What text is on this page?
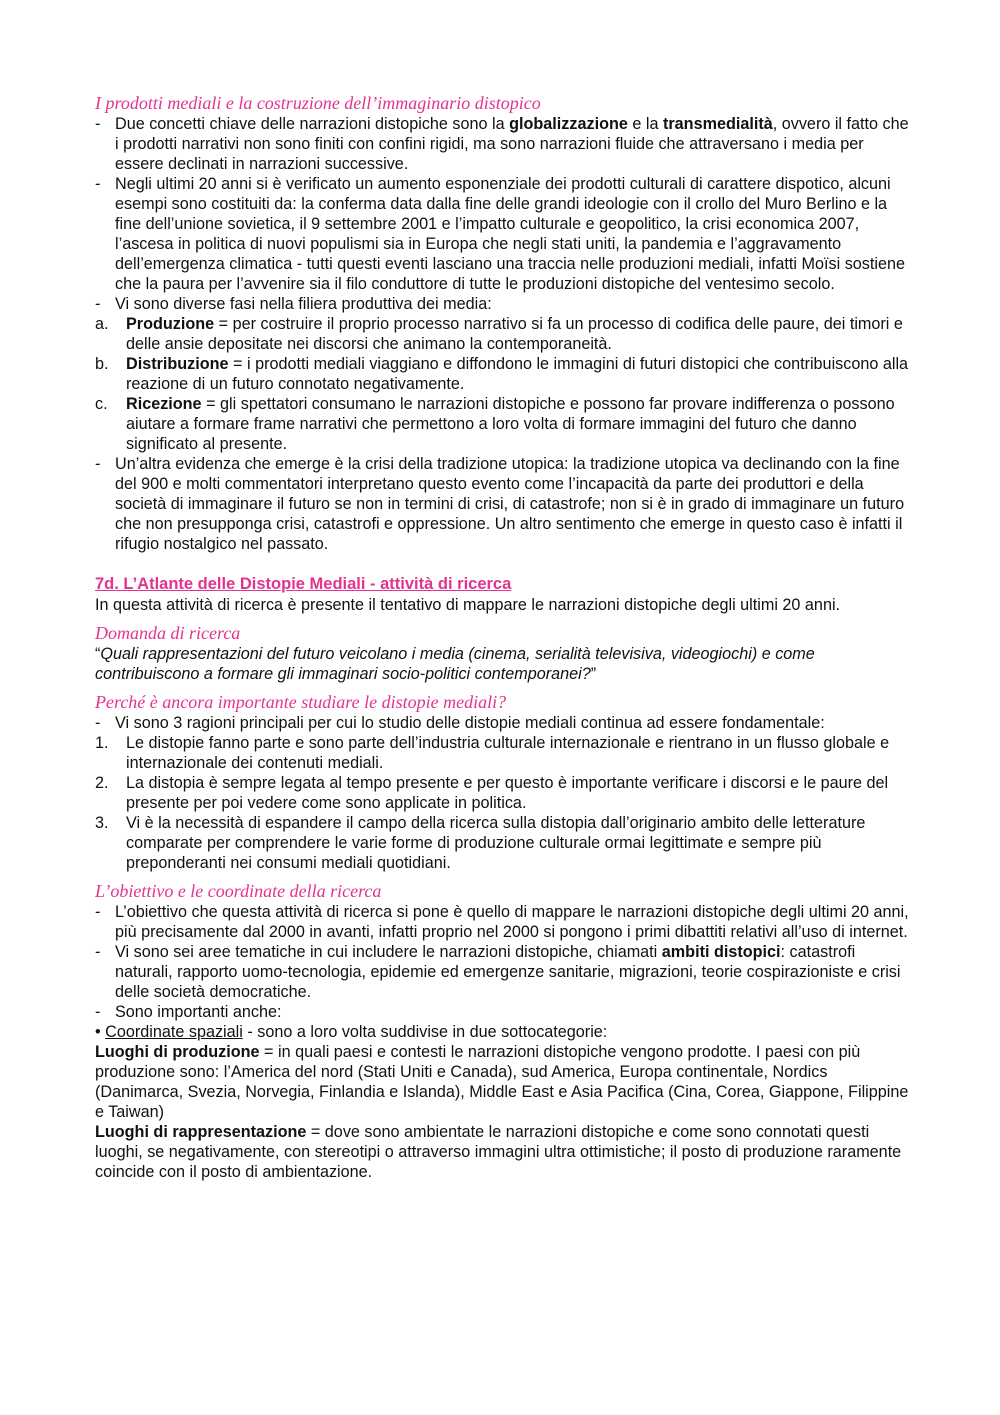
I prodotti mediali e la costruzione dell’immaginario distopico

- Due concetti chiave delle narrazioni distopiche sono la globalizzazione e la transmedialità, ovvero il fatto che i prodotti narrativi non sono finiti con confini rigidi, ma sono narrazioni fluide che attraversano i media per essere declinati in narrazioni successive.
- Negli ultimi 20 anni si è verificato un aumento esponenziale dei prodotti culturali di carattere dispotico, alcuni esempi sono costituiti da: la conferma data dalla fine delle grandi ideologie con il crollo del Muro Berlino e la fine dell’unione sovietica, il 9 settembre 2001 e l’impatto culturale e geopolitico, la crisi economica 2007, l’ascesa in politica di nuovi populismi sia in Europa che negli stati uniti, la pandemia e l’aggravamento dell’emergenza climatica - tutti questi eventi lasciano una traccia nelle produzioni mediali, infatti Moïsi sostiene che la paura per l’avvenire sia il filo conduttore di tutte le produzioni distopiche del ventesimo secolo.
- Vi sono diverse fasi nella filiera produttiva dei media:
a. Produzione = per costruire il proprio processo narrativo si fa un processo di codifica delle paure, dei timori e delle ansie depositate nei discorsi che animano la contemporaneità.
b. Distribuzione = i prodotti mediali viaggiano e diffondono le immagini di futuri distopici che contribuiscono alla reazione di un futuro connotato negativamente.
c. Ricezione = gli spettatori consumano le narrazioni distopiche e possono far provare indifferenza o possono aiutare a formare frame narrativi che permettono a loro volta di formare immagini del futuro che danno significato al presente.
- Un’altra evidenza che emerge è la crisi della tradizione utopica: la tradizione utopica va declinando con la fine del 900 e molti commentatori interpretano questo evento come l’incapacità da parte dei produttori e della società di immaginare il futuro se non in termini di crisi, di catastrofe; non si è in grado di immaginare un futuro che non presupponga crisi, catastrofi e oppressione. Un altro sentimento che emerge in questo caso è infatti il rifugio nostalgico nel passato.

7d. L’Atlante delle Distopie Mediali - attività di ricerca

In questa attività di ricerca è presente il tentativo di mappare le narrazioni distopiche degli ultimi 20 anni.

Domanda di ricerca

“Quali rappresentazioni del futuro veicolano i media (cinema, serialità televisiva, videogiochi) e come contribuiscono a formare gli immaginari socio-politici contemporanei?”

Perché è ancora importante studiare le distopie mediali?

- Vi sono 3 ragioni principali per cui lo studio delle distopie mediali continua ad essere fondamentale:
1. Le distopie fanno parte e sono parte dell’industria culturale internazionale e rientrano in un flusso globale e internazionale dei contenuti mediali.
2. La distopia è sempre legata al tempo presente e per questo è importante verificare i discorsi e le paure del presente per poi vedere come sono applicate in politica.
3. Vi è la necessità di espandere il campo della ricerca sulla distopia dall’originario ambito delle letterature comparate per comprendere le varie forme di produzione culturale ormai legittimate e sempre più preponderanti nei consumi mediali quotidiani.

L’obiettivo e le coordinate della ricerca

- L’obiettivo che questa attività di ricerca si pone è quello di mappare le narrazioni distopiche degli ultimi 20 anni, più precisamente dal 2000 in avanti, infatti proprio nel 2000 si pongono i primi dibattiti relativi all’uso di internet.
- Vi sono sei aree tematiche in cui includere le narrazioni distopiche, chiamati ambiti distopici: catastrofi naturali, rapporto uomo-tecnologia, epidemie ed emergenze sanitarie, migrazioni, teorie cospirazioniste e crisi delle società democratiche.
- Sono importanti anche:

• Coordinate spaziali - sono a loro volta suddivise in due sottocategorie:

Luoghi di produzione = in quali paesi e contesti le narrazioni distopiche vengono prodotte. I paesi con più produzione sono: l’America del nord (Stati Uniti e Canada), sud America, Europa continentale, Nordics (Danimarca, Svezia, Norvegia, Finlandia e Islanda), Middle East e Asia Pacifica (Cina, Corea, Giappone, Filippine e Taiwan)

Luoghi di rappresentazione = dove sono ambientate le narrazioni distopiche e come sono connotati questi luoghi, se negativamente, con stereotipi o attraverso immagini ultra ottimistiche; il posto di produzione raramente coincide con il posto di ambientazione.
